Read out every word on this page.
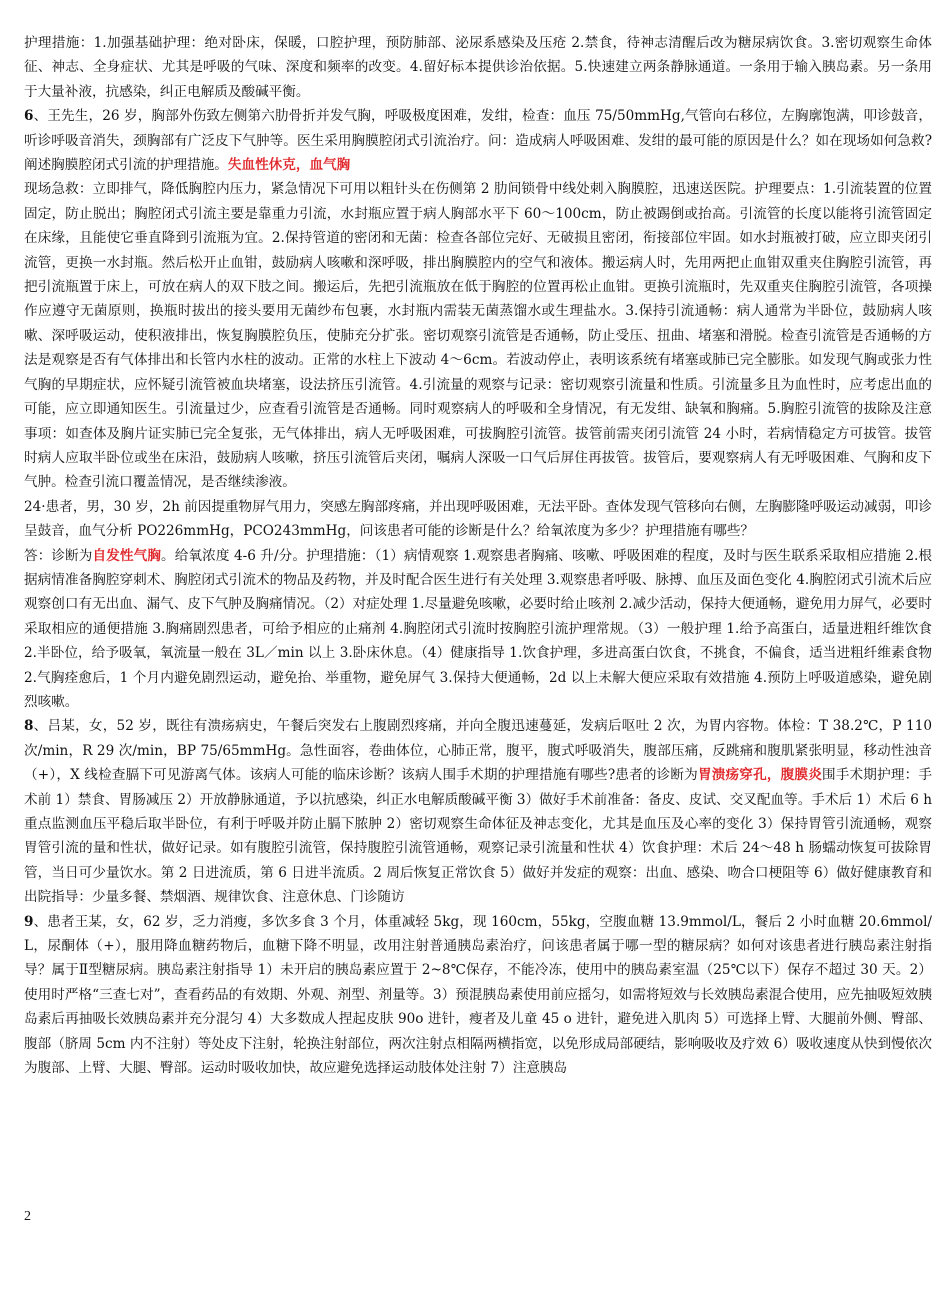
护理措施：1.加强基础护理：绝对卧床，保暖，口腔护理，预防肺部、泌尿系感染及压疮 2.禁食，待神志清醒后改为糖尿病饮食。3.密切观察生命体征、神志、全身症状、尤其是呼吸的气味、深度和频率的改变。4.留好标本提供诊治依据。5.快速建立两条静脉通道。一条用于输入胰岛素。另一条用于大量补液，抗感染，纠正电解质及酸碱平衡。

6、王先生，26 岁，胸部外伤致左侧第六肋骨折并发气胸，呼吸极度困难，发绀，检查：血压 75/50mmHg,气管向右移位，左胸廓饱满，叩诊鼓音，听诊呼吸音消失，颈胸部有广泛皮下气肿等。医生采用胸膜腔闭式引流治疗。问：造成病人呼吸困难、发绀的最可能的原因是什么？如在现场如何急救?阐述胸膜腔闭式引流的护理措施。失血性休克，血气胸

现场急救：立即排气，降低胸腔内压力，紧急情况下可用以粗针头在伤侧第 2 肋间锁骨中线处刺入胸膜腔，迅速送医院。护理要点：1.引流装置的位置固定，防止脱出；胸腔闭式引流主要是靠重力引流，水封瓶应置于病人胸部水平下 60～100cm，防止被踢倒或抬高。引流管的长度以能将引流管固定在床缘，且能使它垂直降到引流瓶为宜。2.保持管道的密闭和无菌：检查各部位完好、无破损且密闭，衔接部位牢固。如水封瓶被打破，应立即夹闭引流管，更换一水封瓶。然后松开止血钳，鼓励病人咳嗽和深呼吸，排出胸膜腔内的空气和液体。搬运病人时，先用两把止血钳双重夹住胸腔引流管，再把引流瓶置于床上，可放在病人的双下肢之间。搬运后，先把引流瓶放在低于胸腔的位置再松止血钳。更换引流瓶时，先双重夹住胸腔引流管，各项操作应遵守无菌原则，换瓶时拔出的接头要用无菌纱布包裹，水封瓶内需装无菌蒸馏水或生理盐水。3.保持引流通畅：病人通常为半卧位，鼓励病人咳嗽、深呼吸运动，使积液排出，恢复胸膜腔负压，使肺充分扩张。密切观察引流管是否通畅，防止受压、扭曲、堵塞和滑脱。检查引流管是否通畅的方法是观察是否有气体排出和长管内水柱的波动。正常的水柱上下波动 4～6cm。若波动停止，表明该系统有堵塞或肺已完全膨胀。如发现气胸或张力性气胸的早期症状，应怀疑引流管被血块堵塞，设法挤压引流管。4.引流量的观察与记录：密切观察引流量和性质。引流量多且为血性时，应考虑出血的可能，应立即通知医生。引流量过少，应查看引流管是否通畅。同时观察病人的呼吸和全身情况，有无发绀、缺氧和胸痛。5.胸腔引流管的拔除及注意事项：如查体及胸片证实肺已完全复张，无气体排出，病人无呼吸困难，可拔胸腔引流管。拔管前需夹闭引流管 24 小时，若病情稳定方可拔管。拔管时病人应取半卧位或坐在床沿，鼓励病人咳嗽，挤压引流管后夹闭，嘱病人深吸一口气后屏住再拔管。拔管后，要观察病人有无呼吸困难、气胸和皮下气肿。检查引流口覆盖情况，是否继续渗液。

24·患者，男，30 岁，2h 前因提重物屏气用力，突感左胸部疼痛，并出现呼吸困难，无法平卧。查体发现气管移向右侧，左胸膨隆呼吸运动减弱，叩诊呈鼓音，血气分析 PO226mmHg，PCO243mmHg，问该患者可能的诊断是什么？给氧浓度为多少？护理措施有哪些？

答：诊断为自发性气胸。给氧浓度 4-6 升/分。护理措施：（1）病情观察 1.观察患者胸痛、咳嗽、呼吸困难的程度，及时与医生联系采取相应措施 2.根据病情准备胸腔穿刺术、胸腔闭式引流术的物品及药物，并及时配合医生进行有关处理 3.观察患者呼吸、脉搏、血压及面色变化 4.胸腔闭式引流术后应观察创口有无出血、漏气、皮下气肿及胸痛情况。（2）对症处理 1.尽量避免咳嗽，必要时给止咳剂 2.减少活动，保持大便通畅，避免用力屏气，必要时采取相应的通便措施 3.胸痛剧烈患者，可给予相应的止痛剂 4.胸腔闭式引流时按胸腔引流护理常规。（3）一般护理 1.给予高蛋白，适量进粗纤维饮食 2.半卧位，给予吸氧，氧流量一般在 3L／min 以上 3.卧床休息。（4）健康指导 1.饮食护理，多进高蛋白饮食，不挑食，不偏食，适当进粗纤维素食物 2.气胸痊愈后，1 个月内避免剧烈运动，避免抬、举重物，避免屏气 3.保持大便通畅，2d 以上未解大便应采取有效措施 4.预防上呼吸道感染，避免剧烈咳嗽。

8、吕某，女，52 岁，既往有溃疡病史，午餐后突发右上腹剧烈疼痛，并向全腹迅速蔓延，发病后呕吐 2 次，为胃内容物。体检：T 38.2℃，P 110 次/min，R 29 次/min，BP 75/65mmHg。急性面容，卷曲体位，心肺正常，腹平，腹式呼吸消失，腹部压痛，反跳痛和腹肌紧张明显，移动性浊音（+），X 线检查膈下可见游离气体。该病人可能的临床诊断？该病人围手术期的护理措施有哪些?患者的诊断为胃溃疡穿孔，腹膜炎围手术期护理：手术前 1）禁食、胃肠减压 2）开放静脉通道，予以抗感染，纠正水电解质酸碱平衡 3）做好手术前准备：备皮、皮试、交叉配血等。手术后 1）术后 6 h 重点监测血压平稳后取半卧位，有利于呼吸并防止膈下脓肿 2）密切观察生命体征及神志变化，尤其是血压及心率的变化 3）保持胃管引流通畅，观察胃管引流的量和性状，做好记录。如有腹腔引流管，保持腹腔引流管通畅，观察记录引流量和性状 4）饮食护理：术后 24～48 h 肠蠕动恢复可拔除胃管，当日可少量饮水。第 2 日进流质，第 6 日进半流质。2 周后恢复正常饮食 5）做好并发症的观察：出血、感染、吻合口梗阻等 6）做好健康教育和出院指导：少量多餐、禁烟酒、规律饮食、注意休息、门诊随访

9、患者王某，女，62 岁，乏力消瘦，多饮多食 3 个月，体重减轻 5kg，现 160cm，55kg，空腹血糖 13.9mmol/L，餐后 2 小时血糖 20.6mmol/L，尿酮体（+），服用降血糖药物后，血糖下降不明显，改用注射普通胰岛素治疗，问该患者属于哪一型的糖尿病？如何对该患者进行胰岛素注射指导？属于Ⅱ型糖尿病。胰岛素注射指导 1）未开启的胰岛素应置于 2~8℃保存，不能冷冻，使用中的胰岛素室温（25℃以下）保存不超过 30 天。2）使用时严格“三查七对”，查看药品的有效期、外观、剂型、剂量等。3）预混胰岛素使用前应摇匀，如需将短效与长效胰岛素混合使用，应先抽吸短效胰岛素后再抽吸长效胰岛素并充分混匀 4）大多数成人捏起皮肤 90o 进针，瘦者及儿童 45 o 进针，避免进入肌肉 5）可选择上臂、大腿前外侧、臀部、腹部（脐周 5cm 内不注射）等处皮下注射，轮换注射部位，两次注射点相隔两横指宽，以免形成局部硬结，影响吸收及疗效 6）吸收速度从快到慢依次为腹部、上臂、大腿、臀部。运动时吸收加快，故应避免选择运动肢体处注射 7）注意胰岛

2
